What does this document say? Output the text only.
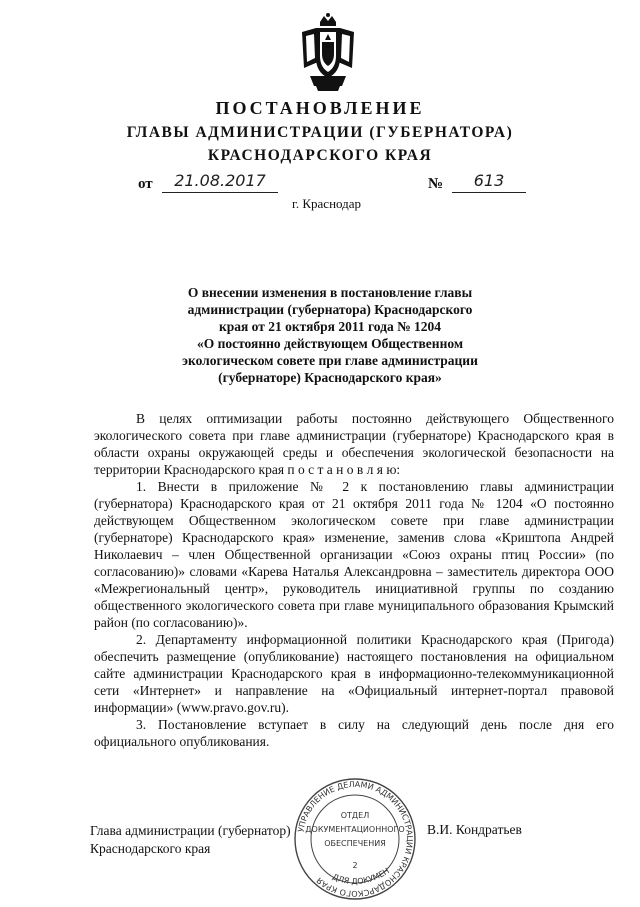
ПОСТАНОВЛЕНИЕ
ГЛАВЫ АДМИНИСТРАЦИИ (ГУБЕРНАТОРА)
КРАСНОДАРСКОГО КРАЯ
от	21.08.2017	№	613
г. Краснодар
О внесении изменения в постановление главы
администрации (губернатора) Краснодарского
края от 21 октября 2011 года № 1204
«О постоянно действующем Общественном
экологическом совете при главе администрации
(губернаторе) Краснодарского края»

В целях оптимизации работы постоянно действующего Общественного экологического совета при главе администрации (губернаторе) Краснодарского края в области охраны окружающей среды и обеспечения экологической безопасности на территории Краснодарского края п о с т а н о в л я ю:

1. Внести в приложение № 2 к постановлению главы администрации (губернатора) Краснодарского края от 21 октября 2011 года № 1204 «О постоянно действующем Общественном экологическом совете при главе администрации (губернаторе) Краснодарского края» изменение, заменив слова «Криштопа Андрей Николаевич – член Общественной организации «Союз охраны птиц России» (по согласованию)» словами «Карева Наталья Александровна – заместитель директора ООО «Межрегиональный центр», руководитель инициативной группы по созданию общественного экологического совета при главе муниципального образования Крымский район (по согласованию)».

2. Департаменту информационной политики Краснодарского края (Пригода) обеспечить размещение (опубликование) настоящего постановления на официальном сайте администрации Краснодарского края в информационно-телекоммуникационной сети «Интернет» и направление на «Официальный интернет-портал правовой информации» (www.pravo.gov.ru).

3. Постановление вступает в силу на следующий день после дня его официального опубликования.

Глава администрации (губернатор)
Краснодарского края
В.И. Кондратьев
УПРАВЛЕНИЕ ДЕЛАМИ АДМИНИСТРАЦИИ КРАСНОДАРСКОГО КРАЯ
ОТДЕЛ
ДОКУМЕНТАЦИОННОГО
ОБЕСПЕЧЕНИЯ
2
ДЛЯ ДОКУМЕН
